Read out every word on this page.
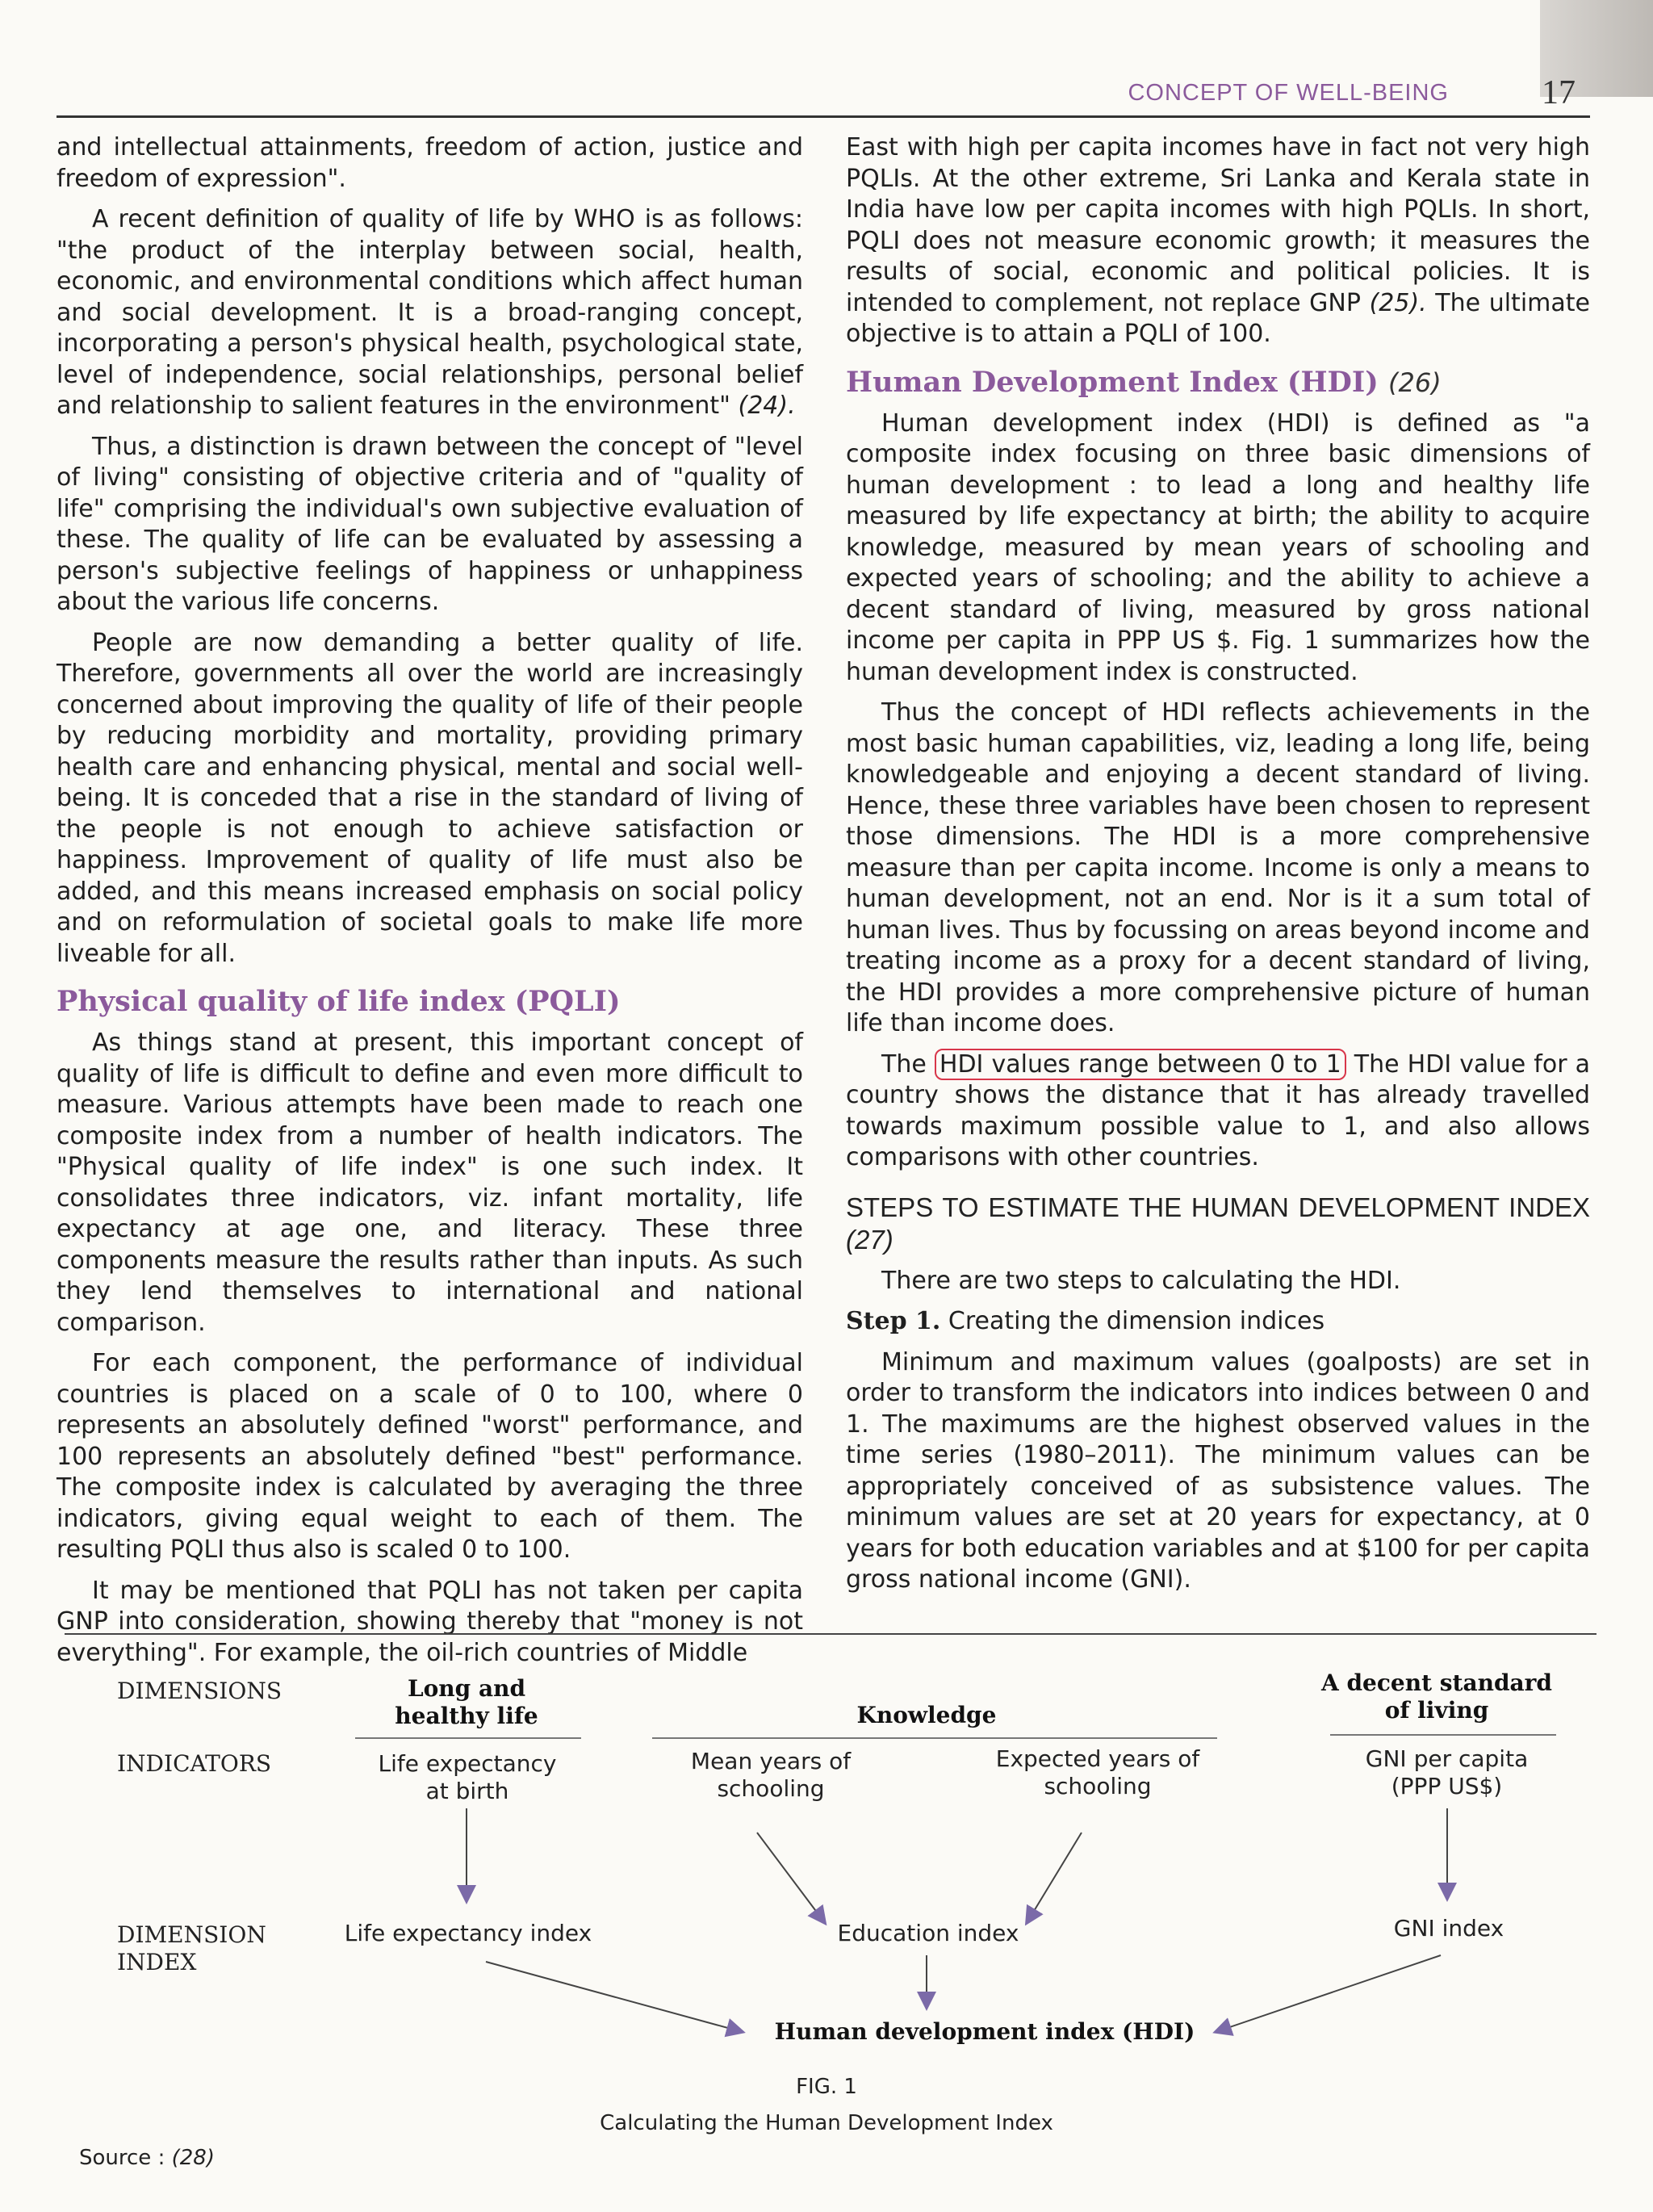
CONCEPT OF WELL-BEING	17

and intellectual attainments, freedom of action, justice and freedom of expression".

A recent definition of quality of life by WHO is as follows: "the product of the interplay between social, health, economic, and environmental conditions which affect human and social development. It is a broad-ranging concept, incorporating a person's physical health, psychological state, level of independence, social relationships, personal belief and relationship to salient features in the environment" (24).

Thus, a distinction is drawn between the concept of "level of living" consisting of objective criteria and of "quality of life" comprising the individual's own subjective evaluation of these. The quality of life can be evaluated by assessing a person's subjective feelings of happiness or unhappiness about the various life concerns.

People are now demanding a better quality of life. Therefore, governments all over the world are increasingly concerned about improving the quality of life of their people by reducing morbidity and mortality, providing primary health care and enhancing physical, mental and social well-being. It is conceded that a rise in the standard of living of the people is not enough to achieve satisfaction or happiness. Improvement of quality of life must also be added, and this means increased emphasis on social policy and on reformulation of societal goals to make life more liveable for all.

Physical quality of life index (PQLI)

As things stand at present, this important concept of quality of life is difficult to define and even more difficult to measure. Various attempts have been made to reach one composite index from a number of health indicators. The "Physical quality of life index" is one such index. It consolidates three indicators, viz. infant mortality, life expectancy at age one, and literacy. These three components measure the results rather than inputs. As such they lend themselves to international and national comparison.

For each component, the performance of individual countries is placed on a scale of 0 to 100, where 0 represents an absolutely defined "worst" performance, and 100 represents an absolutely defined "best" performance. The composite index is calculated by averaging the three indicators, giving equal weight to each of them. The resulting PQLI thus also is scaled 0 to 100.

It may be mentioned that PQLI has not taken per capita GNP into consideration, showing thereby that "money is not everything". For example, the oil-rich countries of Middle

East with high per capita incomes have in fact not very high PQLIs. At the other extreme, Sri Lanka and Kerala state in India have low per capita incomes with high PQLIs. In short, PQLI does not measure economic growth; it measures the results of social, economic and political policies. It is intended to complement, not replace GNP (25). The ultimate objective is to attain a PQLI of 100.

Human Development Index (HDI) (26)

Human development index (HDI) is defined as "a composite index focusing on three basic dimensions of human development : to lead a long and healthy life measured by life expectancy at birth; the ability to acquire knowledge, measured by mean years of schooling and expected years of schooling; and the ability to achieve a decent standard of living, measured by gross national income per capita in PPP US $. Fig. 1 summarizes how the human development index is constructed.

Thus the concept of HDI reflects achievements in the most basic human capabilities, viz, leading a long life, being knowledgeable and enjoying a decent standard of living. Hence, these three variables have been chosen to represent those dimensions. The HDI is a more comprehensive measure than per capita income. Income is only a means to human development, not an end. Nor is it a sum total of human lives. Thus by focussing on areas beyond income and treating income as a proxy for a decent standard of living, the HDI provides a more comprehensive picture of human life than income does.

The HDI values range between 0 to 1 The HDI value for a country shows the distance that it has already travelled towards maximum possible value to 1, and also allows comparisons with other countries.

STEPS TO ESTIMATE THE HUMAN DEVELOPMENT INDEX (27)

There are two steps to calculating the HDI.

Step 1. Creating the dimension indices

Minimum and maximum values (goalposts) are set in order to transform the indicators into indices between 0 and 1. The maximums are the highest observed values in the time series (1980–2011). The minimum values can be appropriately conceived of as subsistence values. The minimum values are set at 20 years for expectancy, at 0 years for both education variables and at $100 for per capita gross national income (GNI).

DIMENSIONS
INDICATORS
DIMENSION INDEX
Long and healthy life	Knowledge
A decent standard of living
Life expectancy at birth
Mean years of schooling
Expected years of schooling
GNI per capita (PPP US$)
Life expectancy index	Education index	GNI index
Human development index (HDI)
FIG. 1
Calculating the Human Development Index
Source : (28)
